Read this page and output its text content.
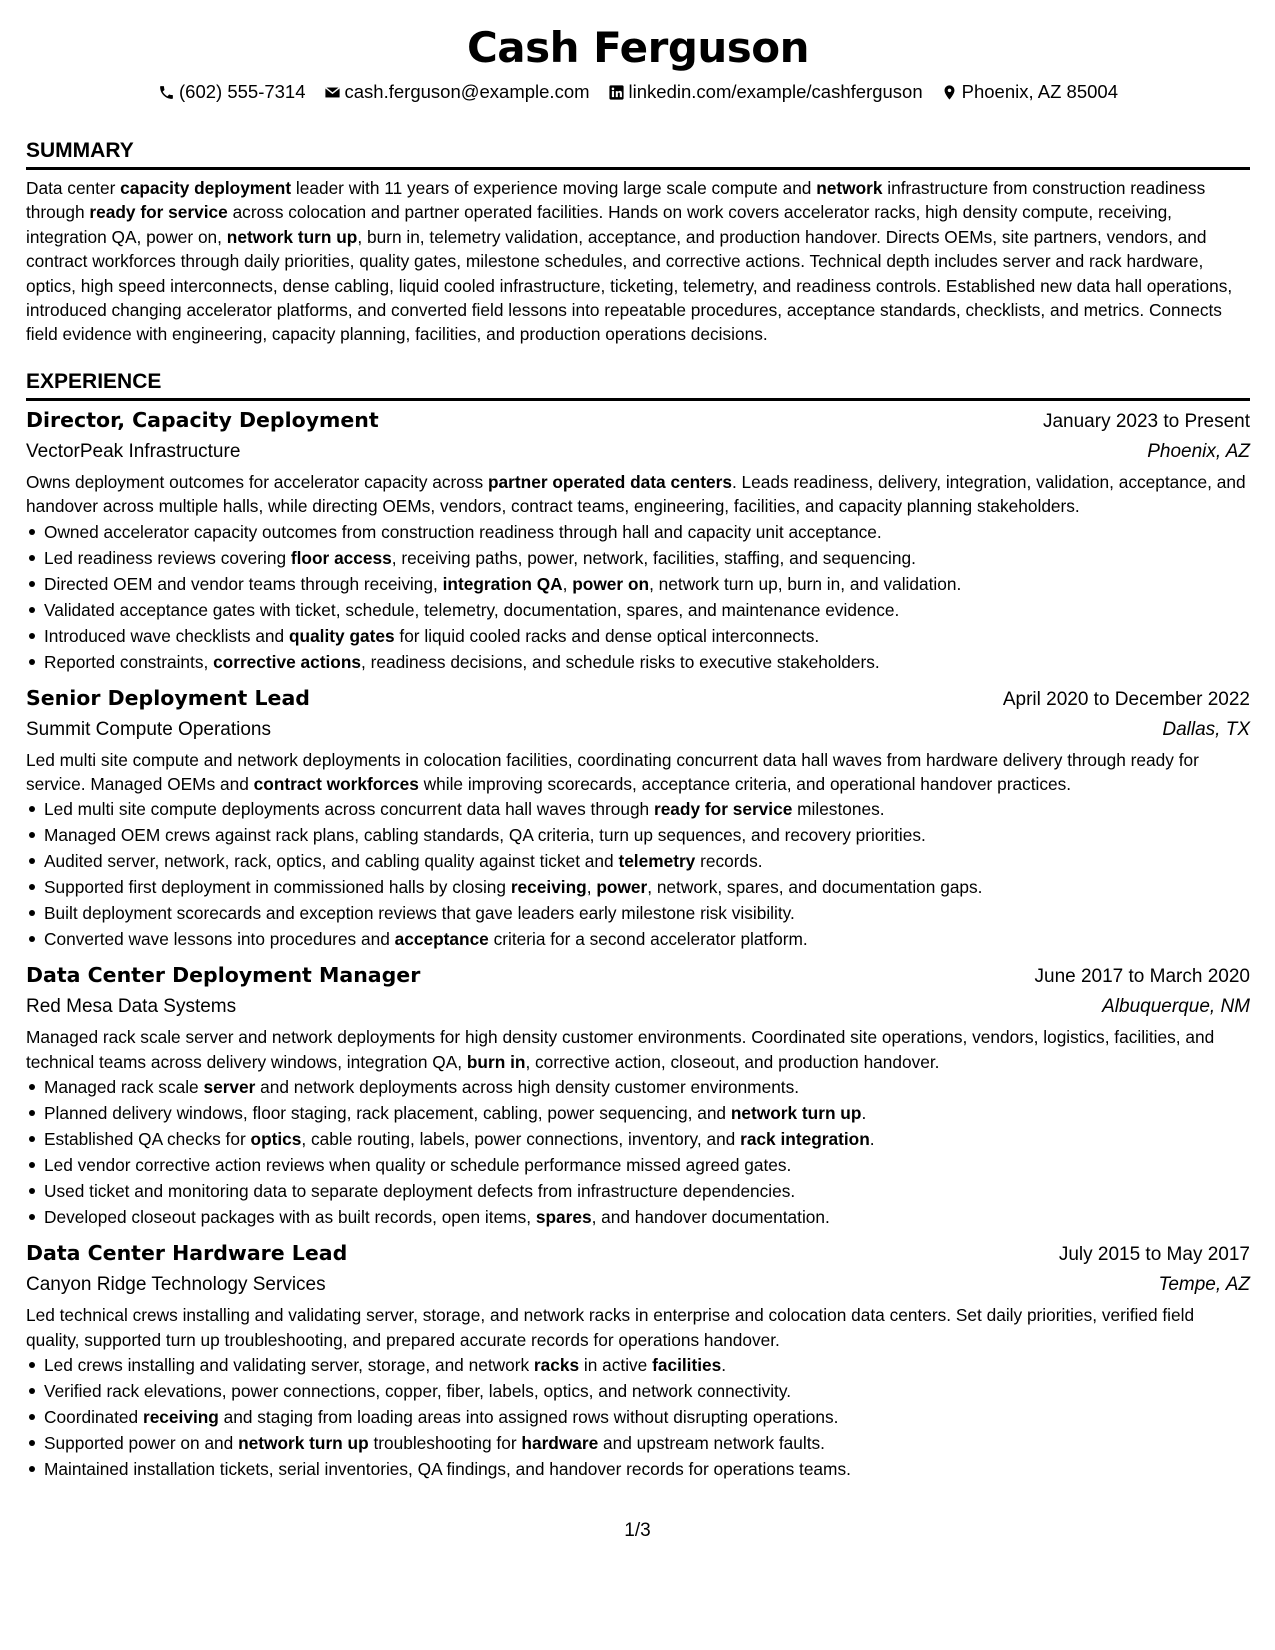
Cash Ferguson
(602) 555-7314 cash.ferguson@example.com linkedin.com/example/cashferguson Phoenix, AZ 85004
SUMMARY
Data center capacity deployment leader with 11 years of experience moving large scale compute and network infrastructure from construction readiness through ready for service across colocation and partner operated facilities. Hands on work covers accelerator racks, high density compute, receiving, integration QA, power on, network turn up, burn in, telemetry validation, acceptance, and production handover. Directs OEMs, site partners, vendors, and contract workforces through daily priorities, quality gates, milestone schedules, and corrective actions. Technical depth includes server and rack hardware, optics, high speed interconnects, dense cabling, liquid cooled infrastructure, ticketing, telemetry, and readiness controls. Established new data hall operations, introduced changing accelerator platforms, and converted field lessons into repeatable procedures, acceptance standards, checklists, and metrics. Connects field evidence with engineering, capacity planning, facilities, and production operations decisions.
EXPERIENCE
Director, Capacity Deployment	January 2023 to Present
VectorPeak Infrastructure	Phoenix, AZ
Owns deployment outcomes for accelerator capacity across partner operated data centers. Leads readiness, delivery, integration, validation, acceptance, and handover across multiple halls, while directing OEMs, vendors, contract teams, engineering, facilities, and capacity planning stakeholders.
Owned accelerator capacity outcomes from construction readiness through hall and capacity unit acceptance.
Led readiness reviews covering floor access, receiving paths, power, network, facilities, staffing, and sequencing.
Directed OEM and vendor teams through receiving, integration QA, power on, network turn up, burn in, and validation.
Validated acceptance gates with ticket, schedule, telemetry, documentation, spares, and maintenance evidence.
Introduced wave checklists and quality gates for liquid cooled racks and dense optical interconnects.
Reported constraints, corrective actions, readiness decisions, and schedule risks to executive stakeholders.
Senior Deployment Lead	April 2020 to December 2022
Summit Compute Operations	Dallas, TX
Led multi site compute and network deployments in colocation facilities, coordinating concurrent data hall waves from hardware delivery through ready for service. Managed OEMs and contract workforces while improving scorecards, acceptance criteria, and operational handover practices.
Led multi site compute deployments across concurrent data hall waves through ready for service milestones.
Managed OEM crews against rack plans, cabling standards, QA criteria, turn up sequences, and recovery priorities.
Audited server, network, rack, optics, and cabling quality against ticket and telemetry records.
Supported first deployment in commissioned halls by closing receiving, power, network, spares, and documentation gaps.
Built deployment scorecards and exception reviews that gave leaders early milestone risk visibility.
Converted wave lessons into procedures and acceptance criteria for a second accelerator platform.
Data Center Deployment Manager	June 2017 to March 2020
Red Mesa Data Systems	Albuquerque, NM
Managed rack scale server and network deployments for high density customer environments. Coordinated site operations, vendors, logistics, facilities, and technical teams across delivery windows, integration QA, burn in, corrective action, closeout, and production handover.
Managed rack scale server and network deployments across high density customer environments.
Planned delivery windows, floor staging, rack placement, cabling, power sequencing, and network turn up.
Established QA checks for optics, cable routing, labels, power connections, inventory, and rack integration.
Led vendor corrective action reviews when quality or schedule performance missed agreed gates.
Used ticket and monitoring data to separate deployment defects from infrastructure dependencies.
Developed closeout packages with as built records, open items, spares, and handover documentation.
Data Center Hardware Lead	July 2015 to May 2017
Canyon Ridge Technology Services	Tempe, AZ
Led technical crews installing and validating server, storage, and network racks in enterprise and colocation data centers. Set daily priorities, verified field quality, supported turn up troubleshooting, and prepared accurate records for operations handover.
Led crews installing and validating server, storage, and network racks in active facilities.
Verified rack elevations, power connections, copper, fiber, labels, optics, and network connectivity.
Coordinated receiving and staging from loading areas into assigned rows without disrupting operations.
Supported power on and network turn up troubleshooting for hardware and upstream network faults.
Maintained installation tickets, serial inventories, QA findings, and handover records for operations teams.
1/3
